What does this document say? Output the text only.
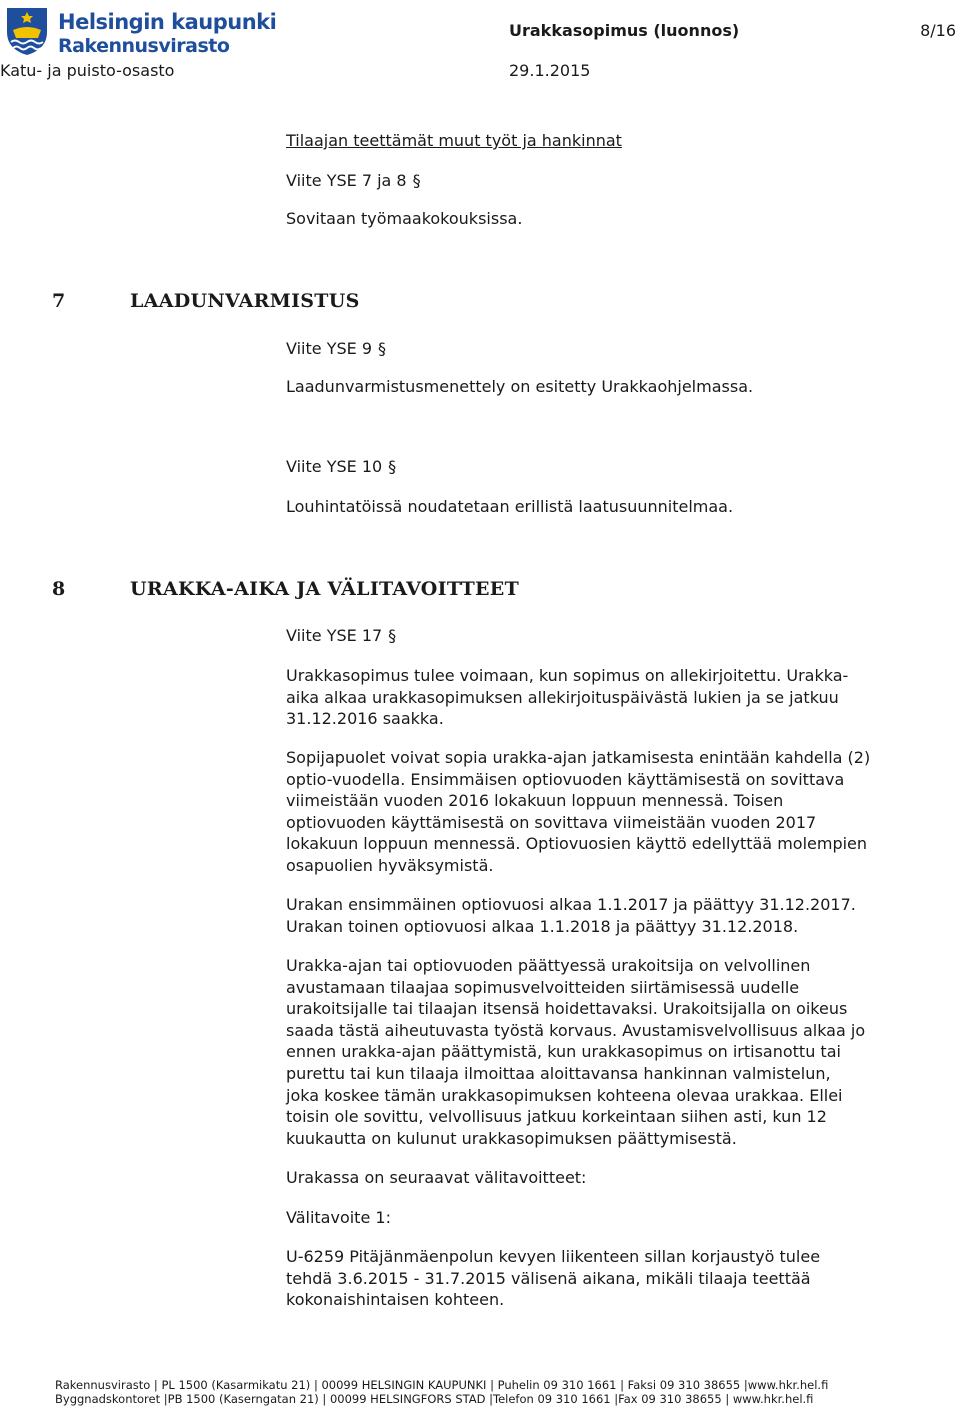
Helsingin kaupunki
Rakennusvirasto
Urakkasopimus (luonnos)	8/16
Katu- ja puisto-osasto	29.1.2015
Tilaajan teettämät muut työt ja hankinnat
Viite YSE 7 ja 8 §
Sovitaan työmaakokouksissa.
7	LAADUNVARMISTUS
Viite YSE 9 §
Laadunvarmistusmenettely on esitetty Urakkaohjelmassa.
Viite YSE 10 §
Louhintatöissä noudatetaan erillistä laatusuunnitelmaa.
8	URAKKA-AIKA JA VÄLITAVOITTEET
Viite YSE 17 §
Urakkasopimus tulee voimaan, kun sopimus on allekirjoitettu. Urakka-
aika alkaa urakkasopimuksen allekirjoituspäivästä lukien ja se jatkuu
31.12.2016 saakka.
Sopijapuolet voivat sopia urakka-ajan jatkamisesta enintään kahdella (2)
optio-vuodella. Ensimmäisen optiovuoden käyttämisestä on sovittava
viimeistään vuoden 2016 lokakuun loppuun mennessä. Toisen
optiovuoden käyttämisestä on sovittava viimeistään vuoden 2017
lokakuun loppuun mennessä. Optiovuosien käyttö edellyttää molempien
osapuolien hyväksymistä.
Urakan ensimmäinen optiovuosi alkaa 1.1.2017 ja päättyy 31.12.2017.
Urakan toinen optiovuosi alkaa 1.1.2018 ja päättyy 31.12.2018.
Urakka-ajan tai optiovuoden päättyessä urakoitsija on velvollinen
avustamaan tilaajaa sopimusvelvoitteiden siirtämisessä uudelle
urakoitsijalle tai tilaajan itsensä hoidettavaksi. Urakoitsijalla on oikeus
saada tästä aiheutuvasta työstä korvaus. Avustamisvelvollisuus alkaa jo
ennen urakka-ajan päättymistä, kun urakkasopimus on irtisanottu tai
purettu tai kun tilaaja ilmoittaa aloittavansa hankinnan valmistelun,
joka koskee tämän urakkasopimuksen kohteena olevaa urakkaa. Ellei
toisin ole sovittu, velvollisuus jatkuu korkeintaan siihen asti, kun 12
kuukautta on kulunut urakkasopimuksen päättymisestä.
Urakassa on seuraavat välitavoitteet:
Välitavoite 1:
U-6259 Pitäjänmäenpolun kevyen liikenteen sillan korjaustyö tulee
tehdä 3.6.2015 - 31.7.2015 välisenä aikana, mikäli tilaaja teettää
kokonaishintaisen kohteen.
Rakennusvirasto | PL 1500 (Kasarmikatu 21) | 00099 HELSINGIN KAUPUNKI | Puhelin 09 310 1661 | Faksi 09 310 38655 |www.hkr.hel.fi
Byggnadskontoret |PB 1500 (Kaserngatan 21) | 00099 HELSINGFORS STAD |Telefon 09 310 1661 |Fax 09 310 38655 | www.hkr.hel.fi
